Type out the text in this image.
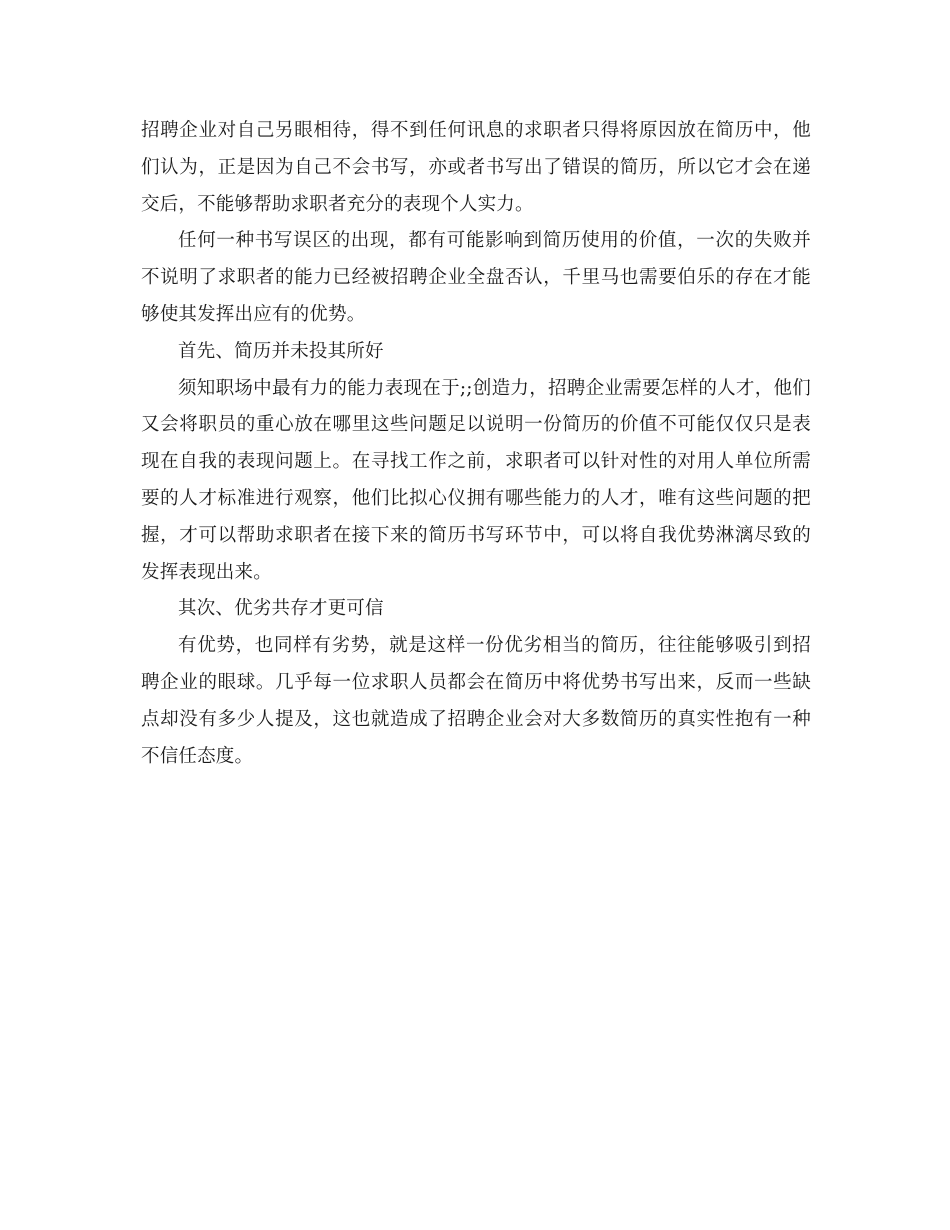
招聘企业对自己另眼相待，得不到任何讯息的求职者只得将原因放在简历中，他们认为，正是因为自己不会书写，亦或者书写出了错误的简历，所以它才会在递交后，不能够帮助求职者充分的表现个人实力。

任何一种书写误区的出现，都有可能影响到简历使用的价值，一次的失败并不说明了求职者的能力已经被招聘企业全盘否认，千里马也需要伯乐的存在才能够使其发挥出应有的优势。

首先、简历并未投其所好

须知职场中最有力的能力表现在于;;创造力，招聘企业需要怎样的人才，他们又会将职员的重心放在哪里这些问题足以说明一份简历的价值不可能仅仅只是表现在自我的表现问题上。在寻找工作之前，求职者可以针对性的对用人单位所需要的人才标准进行观察，他们比拟心仪拥有哪些能力的人才，唯有这些问题的把握，才可以帮助求职者在接下来的简历书写环节中，可以将自我优势淋漓尽致的发挥表现出来。

其次、优劣共存才更可信

有优势，也同样有劣势，就是这样一份优劣相当的简历，往往能够吸引到招聘企业的眼球。几乎每一位求职人员都会在简历中将优势书写出来，反而一些缺点却没有多少人提及，这也就造成了招聘企业会对大多数简历的真实性抱有一种不信任态度。
